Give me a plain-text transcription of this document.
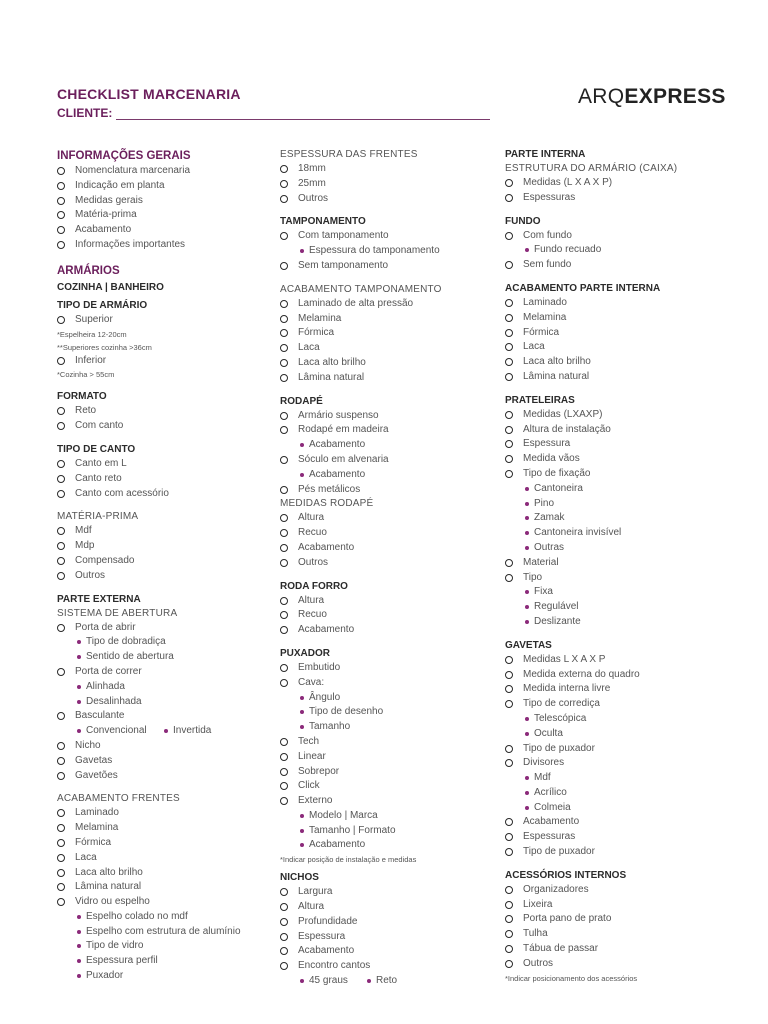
CHECKLIST MARCENARIA
CLIENTE:
ARQEXPRESS
INFORMAÇÕES GERAIS
Nomenclatura marcenaria
Indicação em planta
Medidas gerais
Matéria-prima
Acabamento
Informações importantes
ARMÁRIOS
COZINHA | BANHEIRO
TIPO DE ARMÁRIO
Superior
*Espelheira 12-20cm
**Superiores cozinha >36cm
Inferior
*Cozinha > 55cm
FORMATO
Reto
Com canto
TIPO DE CANTO
Canto em L
Canto reto
Canto com acessório
MATÉRIA-PRIMA
Mdf
Mdp
Compensado
Outros
PARTE EXTERNA
SISTEMA DE ABERTURA
Porta de abrir
Tipo de dobradiça
Sentido de abertura
Porta de correr
Alinhada
Desalinhada
Basculante
Convencional	Invertida
Nicho
Gavetas
Gavetões
ACABAMENTO FRENTES
Laminado
Melamina
Fórmica
Laca
Laca alto brilho
Lâmina natural
Vidro ou espelho
Espelho colado no mdf
Espelho com estrutura de alumínio
Tipo de vidro
Espessura perfil
Puxador
ESPESSURA DAS FRENTES
18mm
25mm
Outros
TAMPONAMENTO
Com tamponamento
Espessura do tamponamento
Sem tamponamento
ACABAMENTO TAMPONAMENTO
Laminado de alta pressão
Melamina
Fórmica
Laca
Laca alto brilho
Lâmina natural
RODAPÉ
Armário suspenso
Rodapé em madeira
Acabamento
Sóculo em alvenaria
Acabamento
Pés metálicos
MEDIDAS RODAPÉ
Altura
Recuo
Acabamento
Outros
RODA FORRO
Altura
Recuo
Acabamento
PUXADOR
Embutido
Cava:
Ângulo
Tipo de desenho
Tamanho
Tech
Linear
Sobrepor
Click
Externo
Modelo | Marca
Tamanho | Formato
Acabamento
*Indicar posição de instalação e medidas
NICHOS
Largura
Altura
Profundidade
Espessura
Acabamento
Encontro cantos
45 graus	Reto
PARTE INTERNA
ESTRUTURA DO ARMÁRIO (CAIXA)
Medidas (L X A X P)
Espessuras
FUNDO
Com fundo
Fundo recuado
Sem fundo
ACABAMENTO PARTE INTERNA
Laminado
Melamina
Fórmica
Laca
Laca alto brilho
Lâmina natural
PRATELEIRAS
Medidas (LXAXP)
Altura de instalação
Espessura
Medida vãos
Tipo de fixação
Cantoneira
Pino
Zamak
Cantoneira invisível
Outras
Material
Tipo
Fixa
Regulável
Deslizante
GAVETAS
Medidas L X A X P
Medida externa do quadro
Medida interna livre
Tipo de corrediça
Telescópica
Oculta
Tipo de puxador
Divisores
Mdf
Acrílico
Colmeia
Acabamento
Espessuras
Tipo de puxador
ACESSÓRIOS INTERNOS
Organizadores
Lixeira
Porta pano de prato
Tulha
Tábua de passar
Outros
*Indicar posicionamento dos acessórios
